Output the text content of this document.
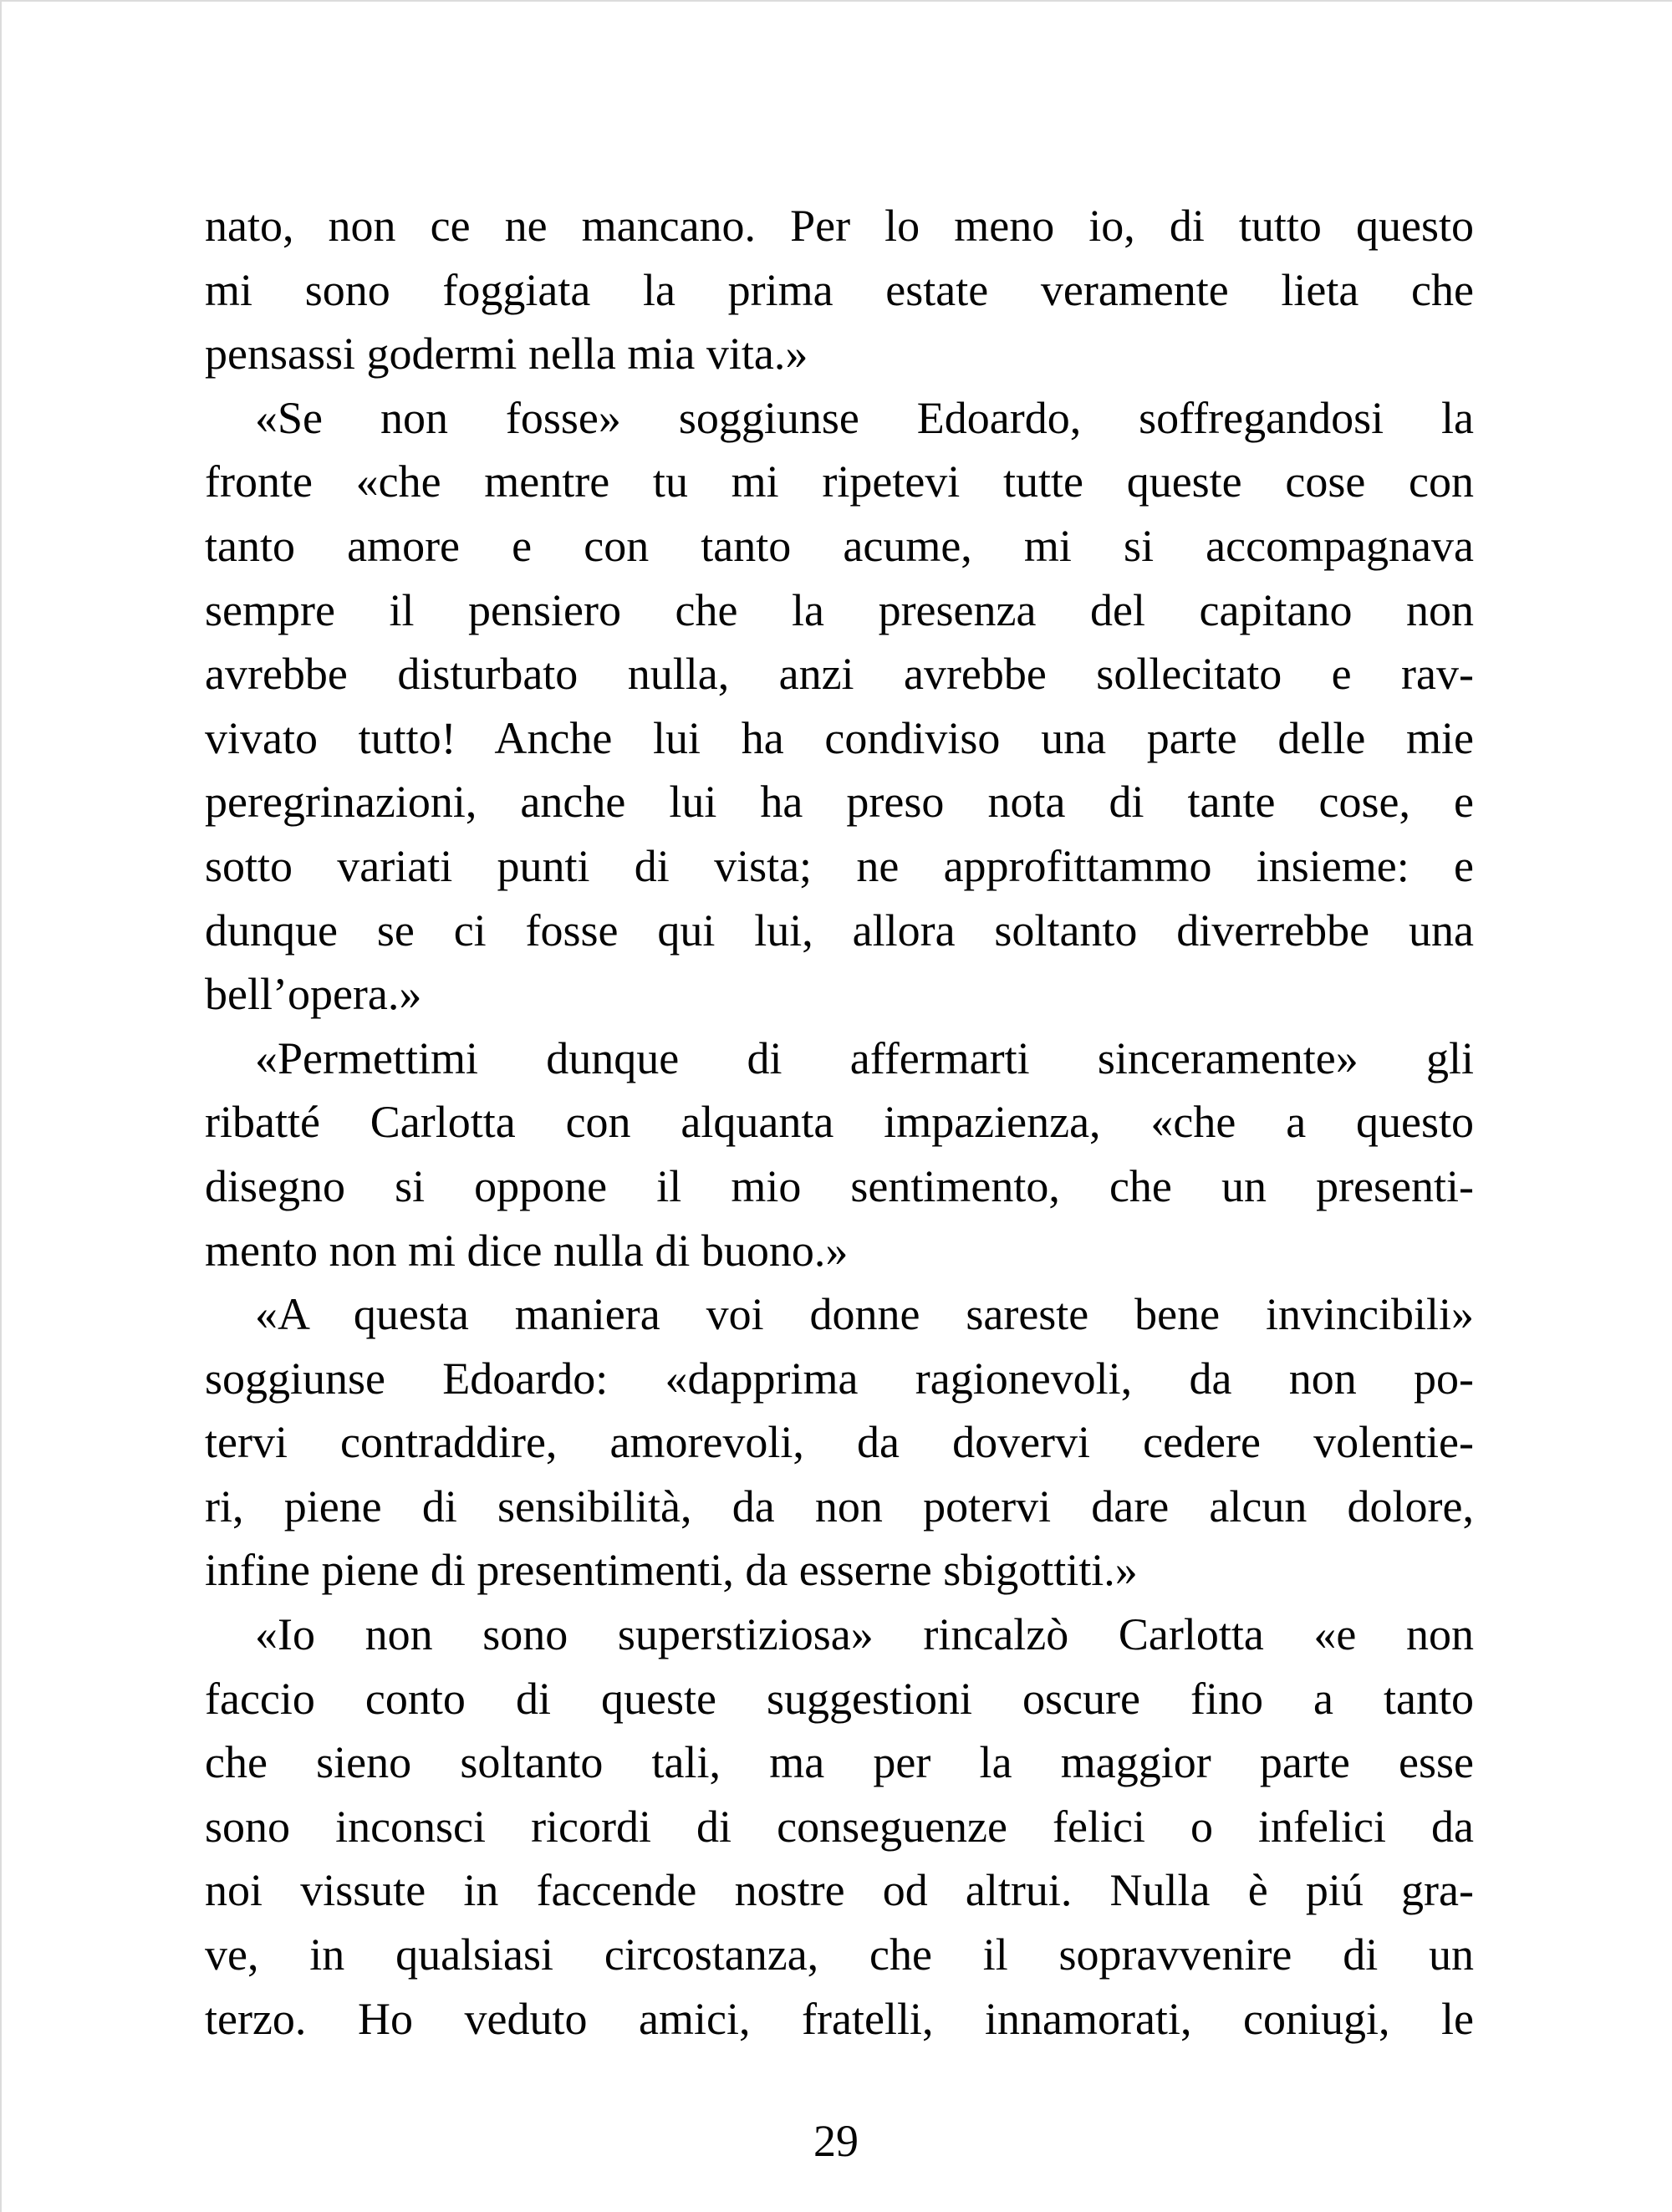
nato, non ce ne mancano. Per lo meno io, di tutto questo
mi sono foggiata la prima estate veramente lieta che
pensassi godermi nella mia vita.»

«Se non fosse» soggiunse Edoardo, soffregandosi la
fronte «che mentre tu mi ripetevi tutte queste cose con
tanto amore e con tanto acume, mi si accompagnava
sempre il pensiero che la presenza del capitano non
avrebbe disturbato nulla, anzi avrebbe sollecitato e rav-
vivato tutto! Anche lui ha condiviso una parte delle mie
peregrinazioni, anche lui ha preso nota di tante cose, e
sotto variati punti di vista; ne approfittammo insieme: e
dunque se ci fosse qui lui, allora soltanto diverrebbe una
bell’opera.»

«Permettimi dunque di affermarti sinceramente» gli
ribatté Carlotta con alquanta impazienza, «che a questo
disegno si oppone il mio sentimento, che un presenti-
mento non mi dice nulla di buono.»

«A questa maniera voi donne sareste bene invincibili»
soggiunse Edoardo: «dapprima ragionevoli, da non po-
tervi contraddire, amorevoli, da dovervi cedere volentie-
ri, piene di sensibilità, da non potervi dare alcun dolore,
infine piene di presentimenti, da esserne sbigottiti.»

«Io non sono superstiziosa» rincalzò Carlotta «e non
faccio conto di queste suggestioni oscure fino a tanto
che sieno soltanto tali, ma per la maggior parte esse
sono inconsci ricordi di conseguenze felici o infelici da
noi vissute in faccende nostre od altrui. Nulla è piú gra-
ve, in qualsiasi circostanza, che il sopravvenire di un
terzo. Ho veduto amici, fratelli, innamorati, coniugi, le

29
